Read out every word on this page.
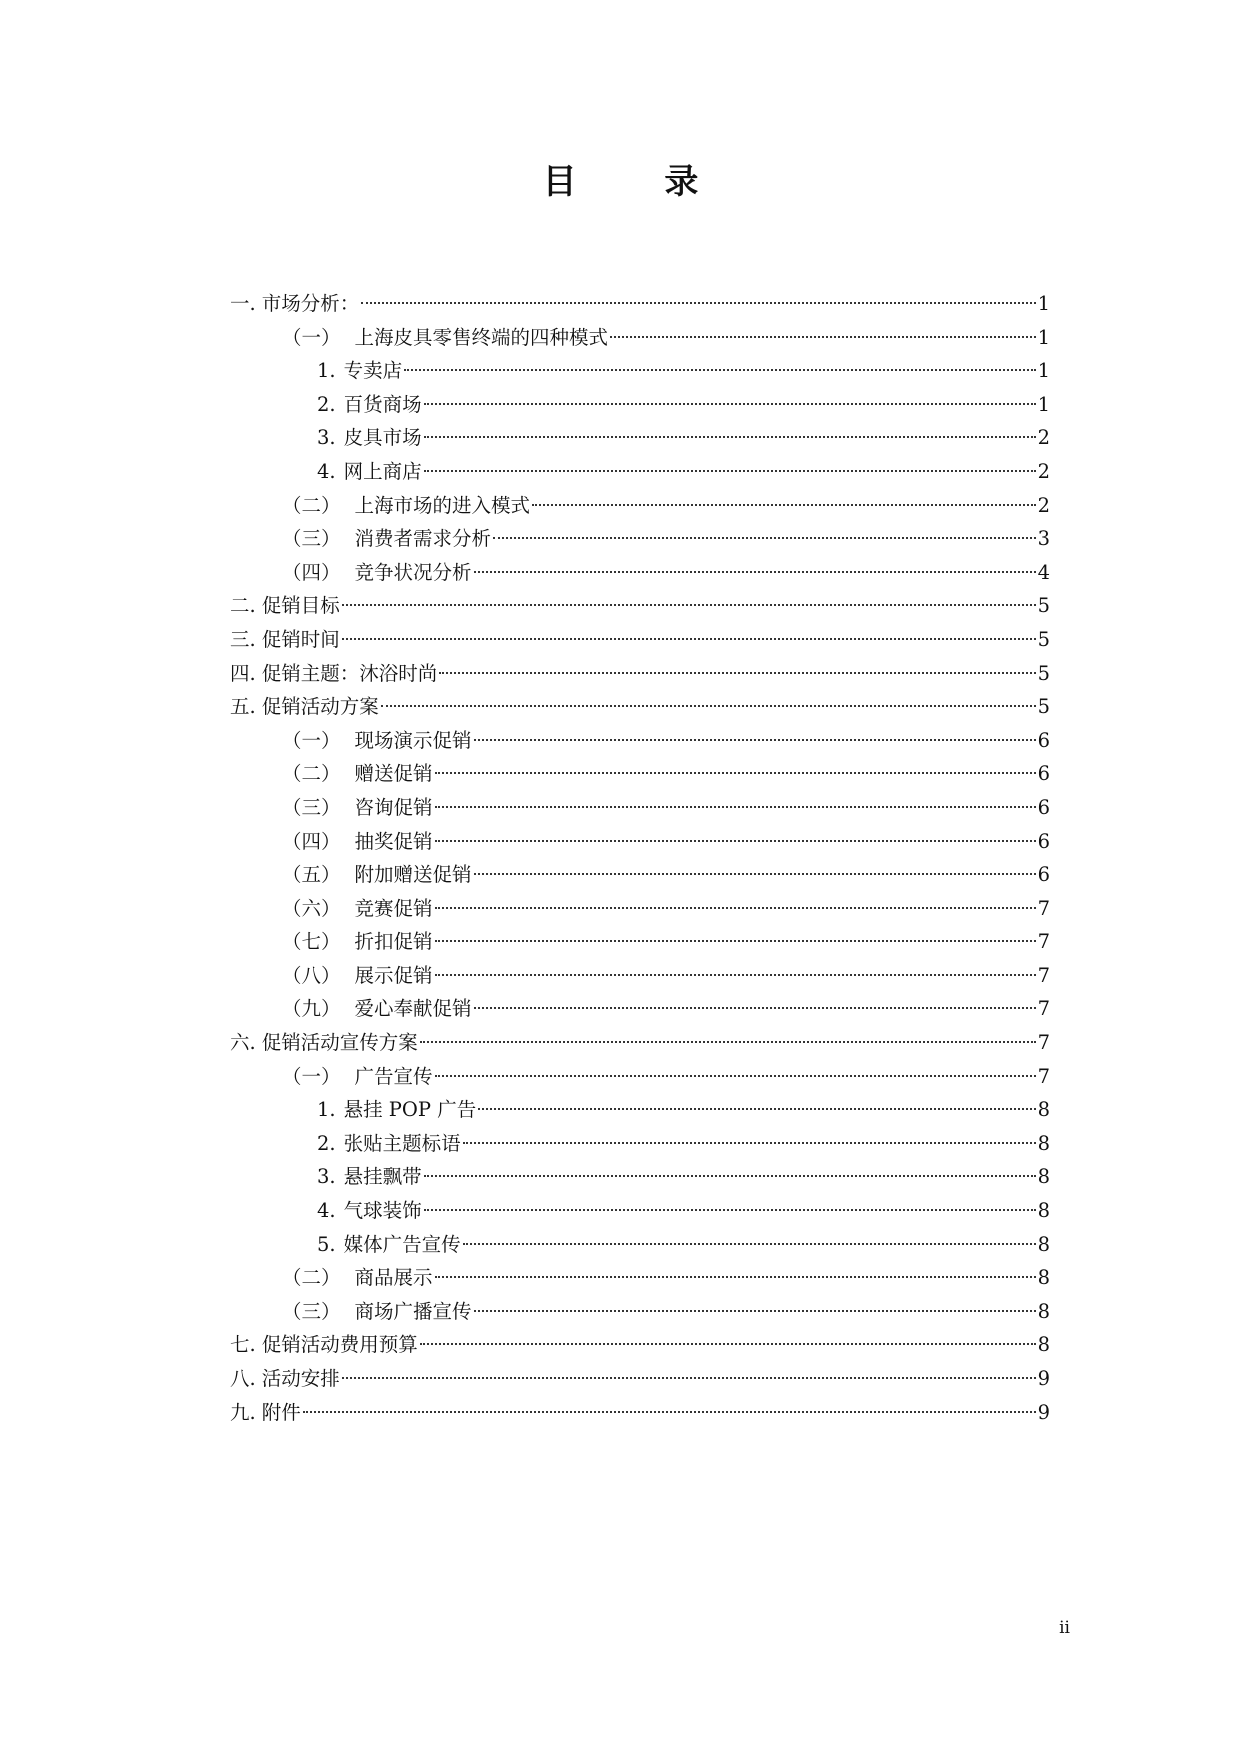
目 录
一. 市场分析：	1
（一） 上海皮具零售终端的四种模式	1
1. 专卖店	1
2. 百货商场	1
3. 皮具市场	2
4. 网上商店	2
（二） 上海市场的进入模式	2
（三） 消费者需求分析	3
（四） 竞争状况分析	4
二. 促销目标	5
三. 促销时间	5
四. 促销主题：沐浴时尚	5
五. 促销活动方案	5
（一） 现场演示促销	6
（二） 赠送促销	6
（三） 咨询促销	6
（四） 抽奖促销	6
（五） 附加赠送促销	6
（六） 竞赛促销	7
（七） 折扣促销	7
（八） 展示促销	7
（九） 爱心奉献促销	7
六. 促销活动宣传方案	7
（一） 广告宣传	7
1. 悬挂 POP 广告	8
2. 张贴主题标语	8
3. 悬挂飘带	8
4. 气球装饰	8
5. 媒体广告宣传	8
（二） 商品展示	8
（三） 商场广播宣传	8
七. 促销活动费用预算	8
八. 活动安排	9
九. 附件	9
ii
